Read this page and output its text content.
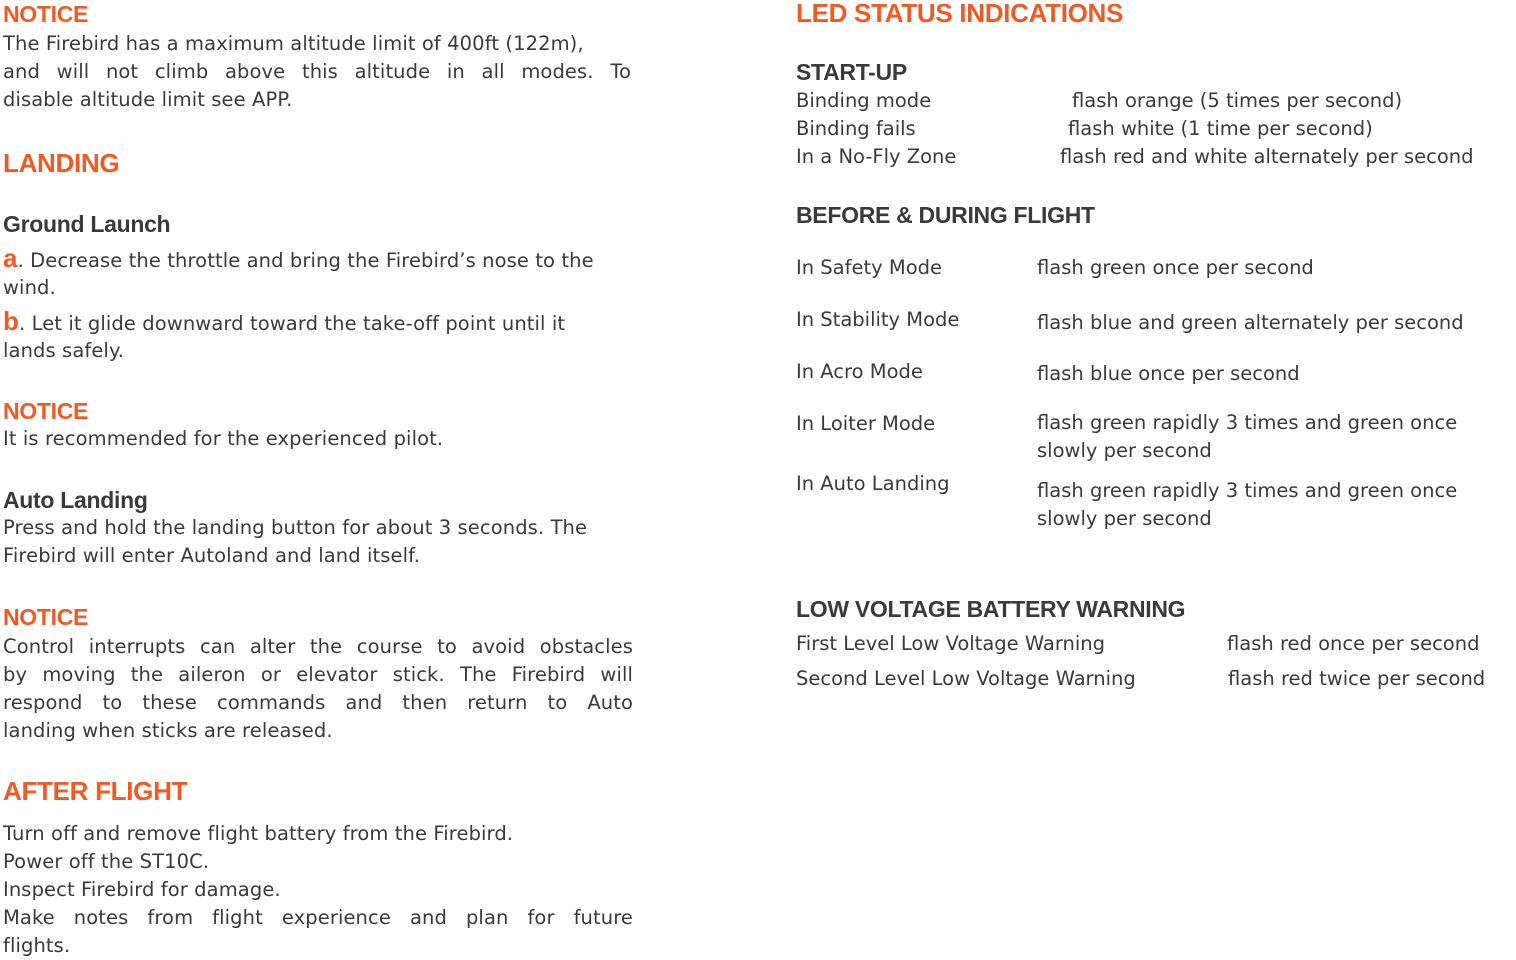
NOTICE

The Firebird has a maximum altitude limit of 400ft (122m),

and will not climb above this altitude in all modes. To

disable altitude limit see APP.

LANDING
Ground Launch

a. Decrease the throttle and bring the Firebird’s nose to the

wind.

b. Let it glide downward toward the take-off point until it

lands safely.

NOTICE

It is recommended for the experienced pilot.

Auto Landing

Press and hold the landing button for about 3 seconds. The

Firebird will enter Autoland and land itself.

NOTICE

Control interrupts can alter the course to avoid obstacles

by moving the aileron or elevator stick. The Firebird will

respond to these commands and then return to Auto

landing when sticks are released.

AFTER FLIGHT

Turn off and remove flight battery from the Firebird.

Power off the ST10C.

Inspect Firebird for damage.

Make notes from flight experience and plan for future

flights.

LED STATUS INDICATIONS
START-UP
Binding mode	flash orange (5 times per second)
Binding fails	flash white (1 time per second)
In a No-Fly Zone	flash red and white alternately per second
BEFORE & DURING FLIGHT
In Safety Mode	flash green once per second
In Stability Mode	flash blue and green alternately per second
In Acro Mode	flash blue once per second
In Loiter Mode	flash green rapidly 3 times and green once
slowly per second
In Auto Landing	flash green rapidly 3 times and green once
slowly per second
LOW VOLTAGE BATTERY WARNING
First Level Low Voltage Warning	flash red once per second
Second Level Low Voltage Warning	flash red twice per second
